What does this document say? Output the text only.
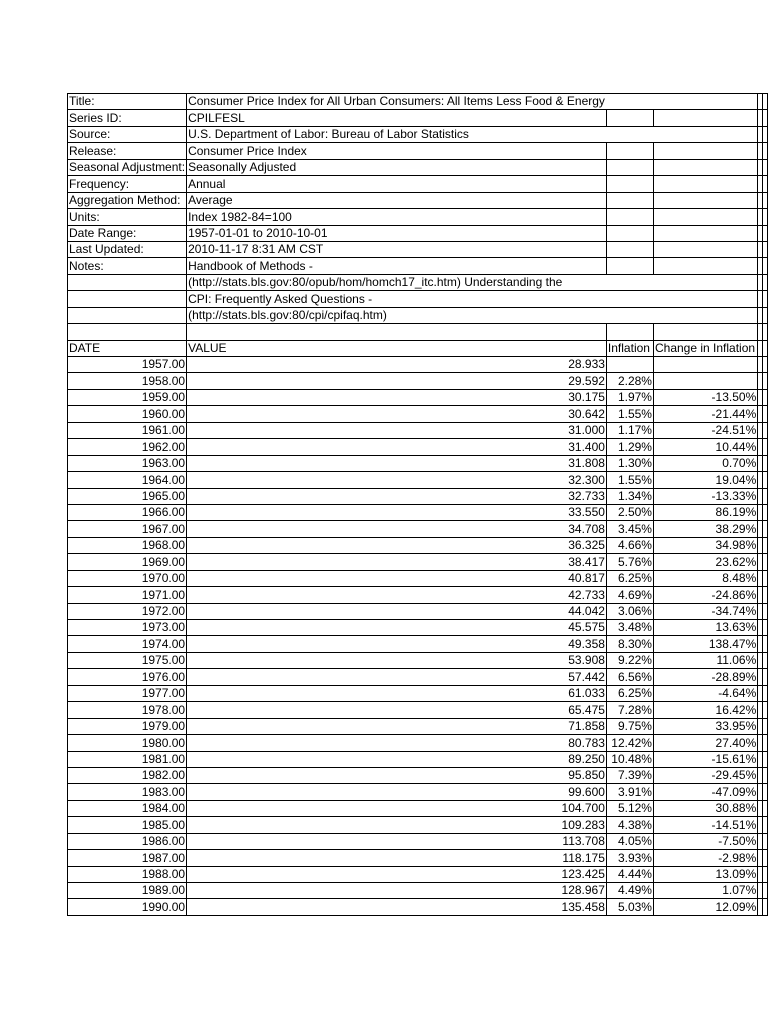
Title:	Consumer Price Index for All Urban Consumers: All Items Less Food & Energy				
Series ID:	CPILFESL				
Source:	U.S. Department of Labor: Bureau of Labor Statistics				
Release:	Consumer Price Index				
Seasonal Adjustment:	Seasonally Adjusted				
Frequency:	Annual				
Aggregation Method:	Average				
Units:	Index 1982-84=100				
Date Range:	1957-01-01 to 2010-10-01				
Last Updated:	2010-11-17 8:31 AM CST				
Notes:	Handbook of Methods -				
	(http://stats.bls.gov:80/opub/hom/homch17_itc.htm) Understanding the				
	CPI: Frequently Asked Questions -				
	(http://stats.bls.gov:80/cpi/cpifaq.htm)				

DATE	VALUE	Inflation	Change in Inflation		
1957.00	28.933				
1958.00	29.592	2.28%			
1959.00	30.175	1.97%	-13.50%		
1960.00	30.642	1.55%	-21.44%		
1961.00	31.000	1.17%	-24.51%		
1962.00	31.400	1.29%	10.44%		
1963.00	31.808	1.30%	0.70%		
1964.00	32.300	1.55%	19.04%		
1965.00	32.733	1.34%	-13.33%		
1966.00	33.550	2.50%	86.19%		
1967.00	34.708	3.45%	38.29%		
1968.00	36.325	4.66%	34.98%		
1969.00	38.417	5.76%	23.62%		
1970.00	40.817	6.25%	8.48%		
1971.00	42.733	4.69%	-24.86%		
1972.00	44.042	3.06%	-34.74%		
1973.00	45.575	3.48%	13.63%		
1974.00	49.358	8.30%	138.47%		
1975.00	53.908	9.22%	11.06%		
1976.00	57.442	6.56%	-28.89%		
1977.00	61.033	6.25%	-4.64%		
1978.00	65.475	7.28%	16.42%		
1979.00	71.858	9.75%	33.95%		
1980.00	80.783	12.42%	27.40%		
1981.00	89.250	10.48%	-15.61%		
1982.00	95.850	7.39%	-29.45%		
1983.00	99.600	3.91%	-47.09%		
1984.00	104.700	5.12%	30.88%		
1985.00	109.283	4.38%	-14.51%		
1986.00	113.708	4.05%	-7.50%		
1987.00	118.175	3.93%	-2.98%		
1988.00	123.425	4.44%	13.09%		
1989.00	128.967	4.49%	1.07%		
1990.00	135.458	5.03%	12.09%		
